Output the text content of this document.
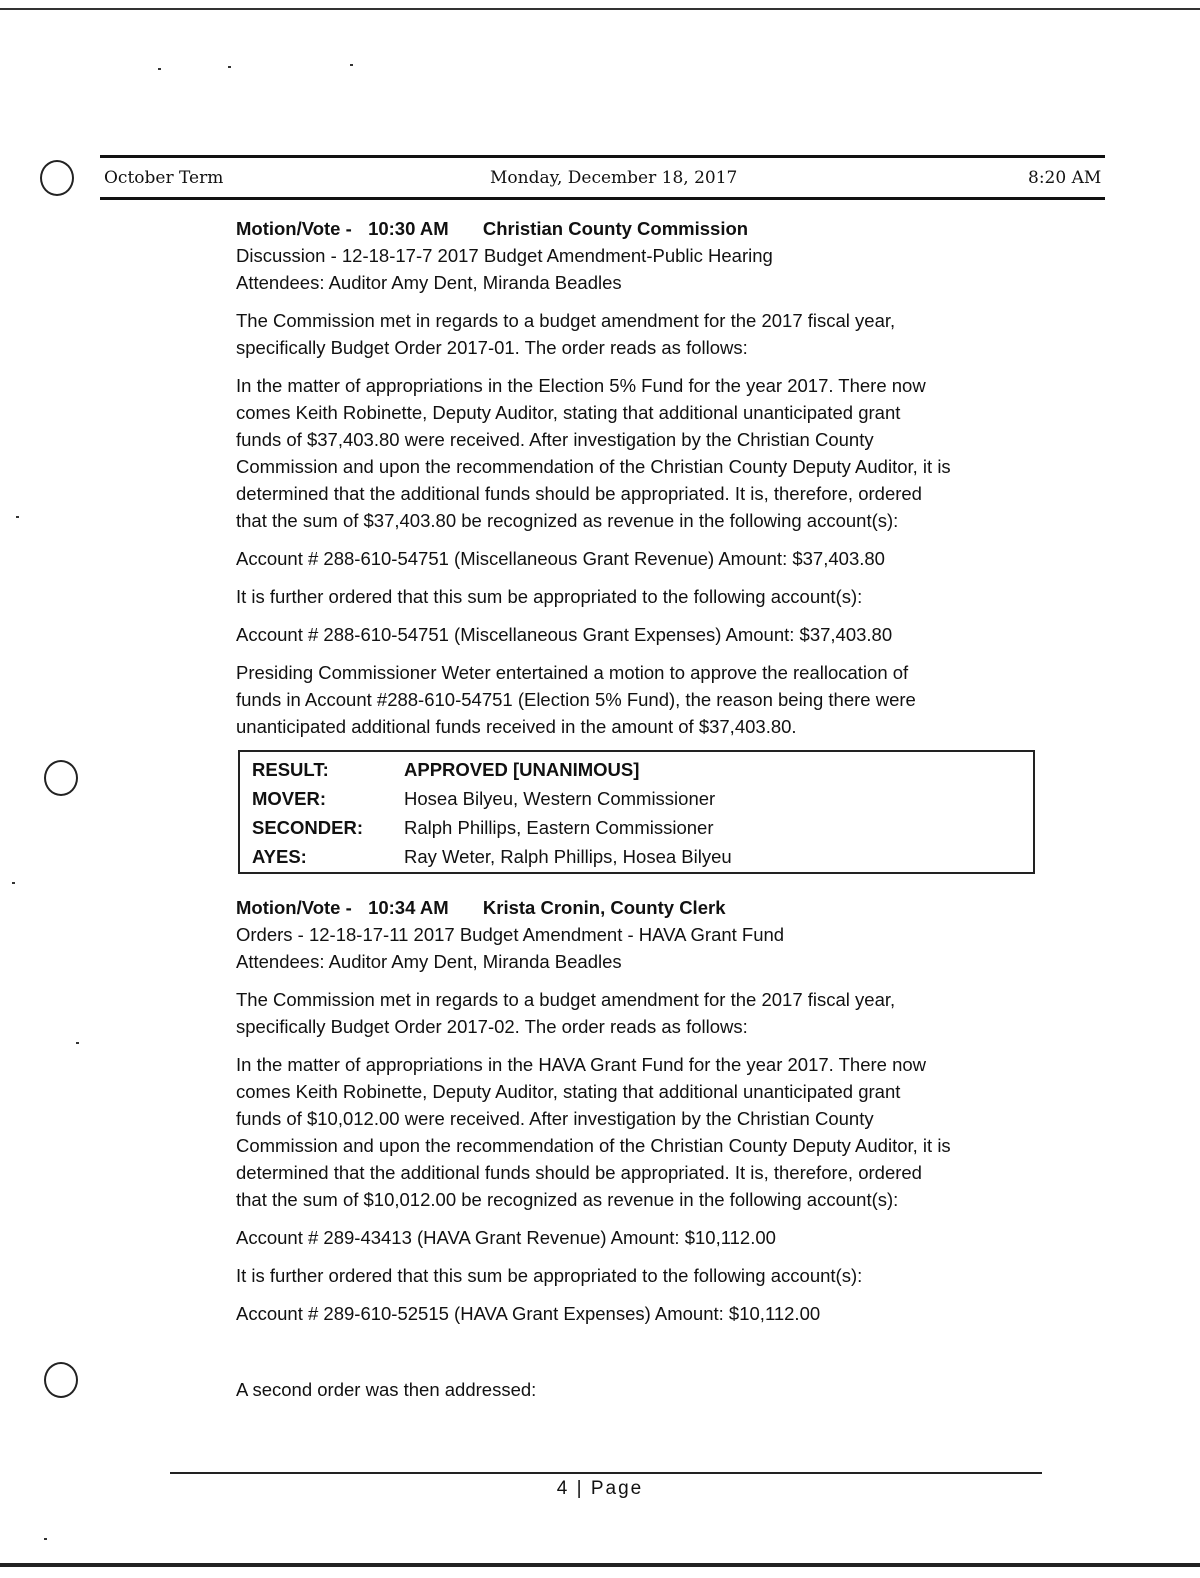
October Term	Monday, December 18, 2017	8:20 AM
Motion/Vote - 10:30 AM Christian County Commission
Discussion - 12-18-17-7 2017 Budget Amendment-Public Hearing
Attendees: Auditor Amy Dent, Miranda Beadles

The Commission met in regards to a budget amendment for the 2017 fiscal year,
specifically Budget Order 2017-01. The order reads as follows:

In the matter of appropriations in the Election 5% Fund for the year 2017. There now
comes Keith Robinette, Deputy Auditor, stating that additional unanticipated grant
funds of $37,403.80 were received. After investigation by the Christian County
Commission and upon the recommendation of the Christian County Deputy Auditor, it is
determined that the additional funds should be appropriated. It is, therefore, ordered
that the sum of $37,403.80 be recognized as revenue in the following account(s):

Account # 288-610-54751 (Miscellaneous Grant Revenue) Amount: $37,403.80

It is further ordered that this sum be appropriated to the following account(s):

Account # 288-610-54751 (Miscellaneous Grant Expenses) Amount: $37,403.80

Presiding Commissioner Weter entertained a motion to approve the reallocation of
funds in Account #288-610-54751 (Election 5% Fund), the reason being there were
unanticipated additional funds received in the amount of $37,403.80.

RESULT:	APPROVED [UNANIMOUS]
MOVER:	Hosea Bilyeu, Western Commissioner
SECONDER:	Ralph Phillips, Eastern Commissioner
AYES:	Ray Weter, Ralph Phillips, Hosea Bilyeu
Motion/Vote - 10:34 AM Krista Cronin, County Clerk
Orders - 12-18-17-11 2017 Budget Amendment - HAVA Grant Fund
Attendees: Auditor Amy Dent, Miranda Beadles

The Commission met in regards to a budget amendment for the 2017 fiscal year,
specifically Budget Order 2017-02. The order reads as follows:

In the matter of appropriations in the HAVA Grant Fund for the year 2017. There now
comes Keith Robinette, Deputy Auditor, stating that additional unanticipated grant
funds of $10,012.00 were received. After investigation by the Christian County
Commission and upon the recommendation of the Christian County Deputy Auditor, it is
determined that the additional funds should be appropriated. It is, therefore, ordered
that the sum of $10,012.00 be recognized as revenue in the following account(s):

Account # 289-43413 (HAVA Grant Revenue) Amount: $10,112.00

It is further ordered that this sum be appropriated to the following account(s):

Account # 289-610-52515 (HAVA Grant Expenses) Amount: $10,112.00

A second order was then addressed:

4 | Page
